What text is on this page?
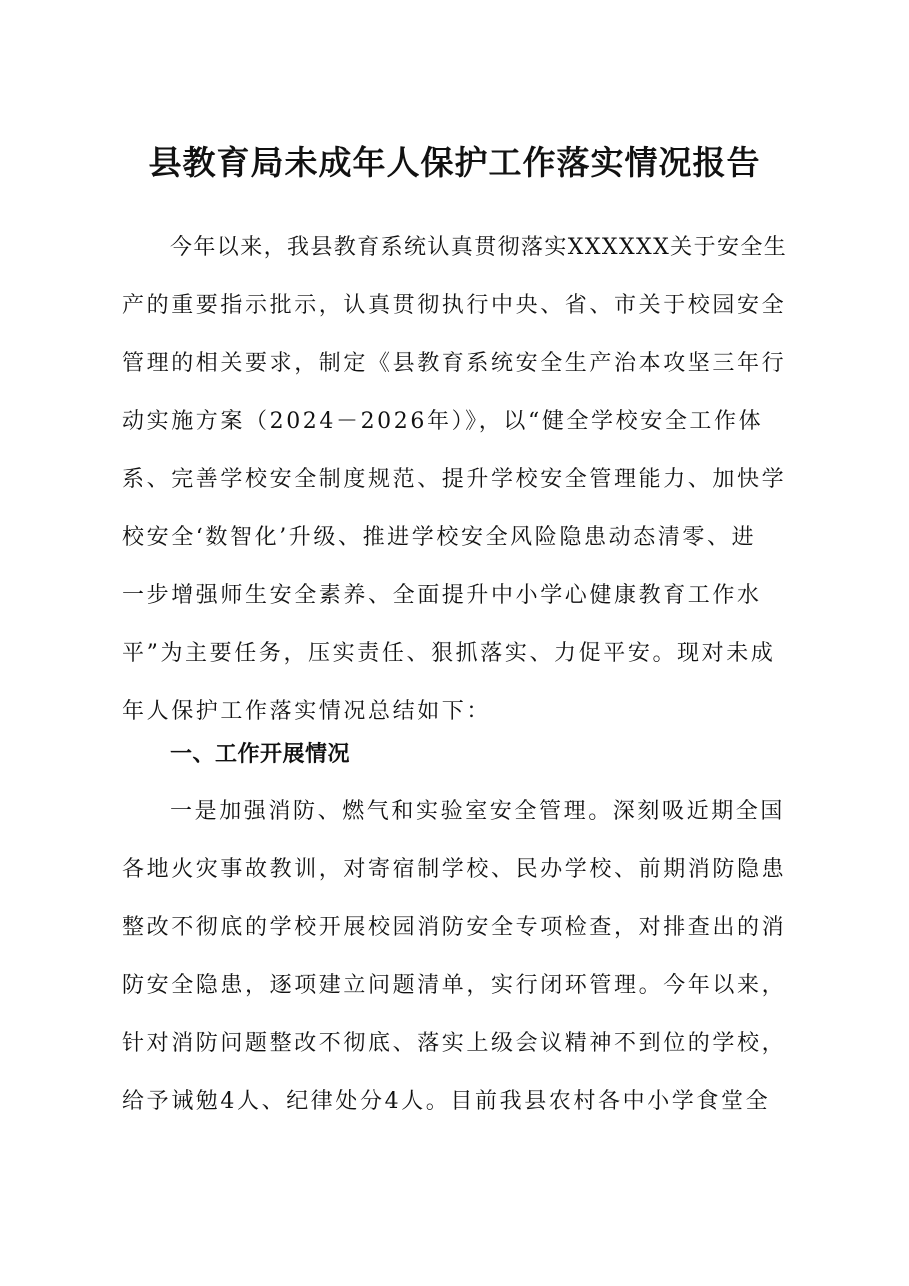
县教育局未成年人保护工作落实情况报告

今年以来，我县教育系统认真贯彻落实XXXXXX关于安全生

产的重要指示批示，认真贯彻执行中央、省、市关于校园安全

管理的相关要求，制定《县教育系统安全生产治本攻坚三年行

动实施方案（2024－2026年）》，以“健全学校安全工作体

系、完善学校安全制度规范、提升学校安全管理能力、加快学

校安全‘数智化’升级、推进学校安全风险隐患动态清零、进

一步增强师生安全素养、全面提升中小学心健康教育工作水

平”为主要任务，压实责任、狠抓落实、力促平安。现对未成

年人保护工作落实情况总结如下：

一、工作开展情况

一是加强消防、燃气和实验室安全管理。深刻吸近期全国

各地火灾事故教训，对寄宿制学校、民办学校、前期消防隐患

整改不彻底的学校开展校园消防安全专项检查，对排查出的消

防安全隐患，逐项建立问题清单，实行闭环管理。今年以来，

针对消防问题整改不彻底、落实上级会议精神不到位的学校，

给予诫勉4人、纪律处分4人。目前我县农村各中小学食堂全
